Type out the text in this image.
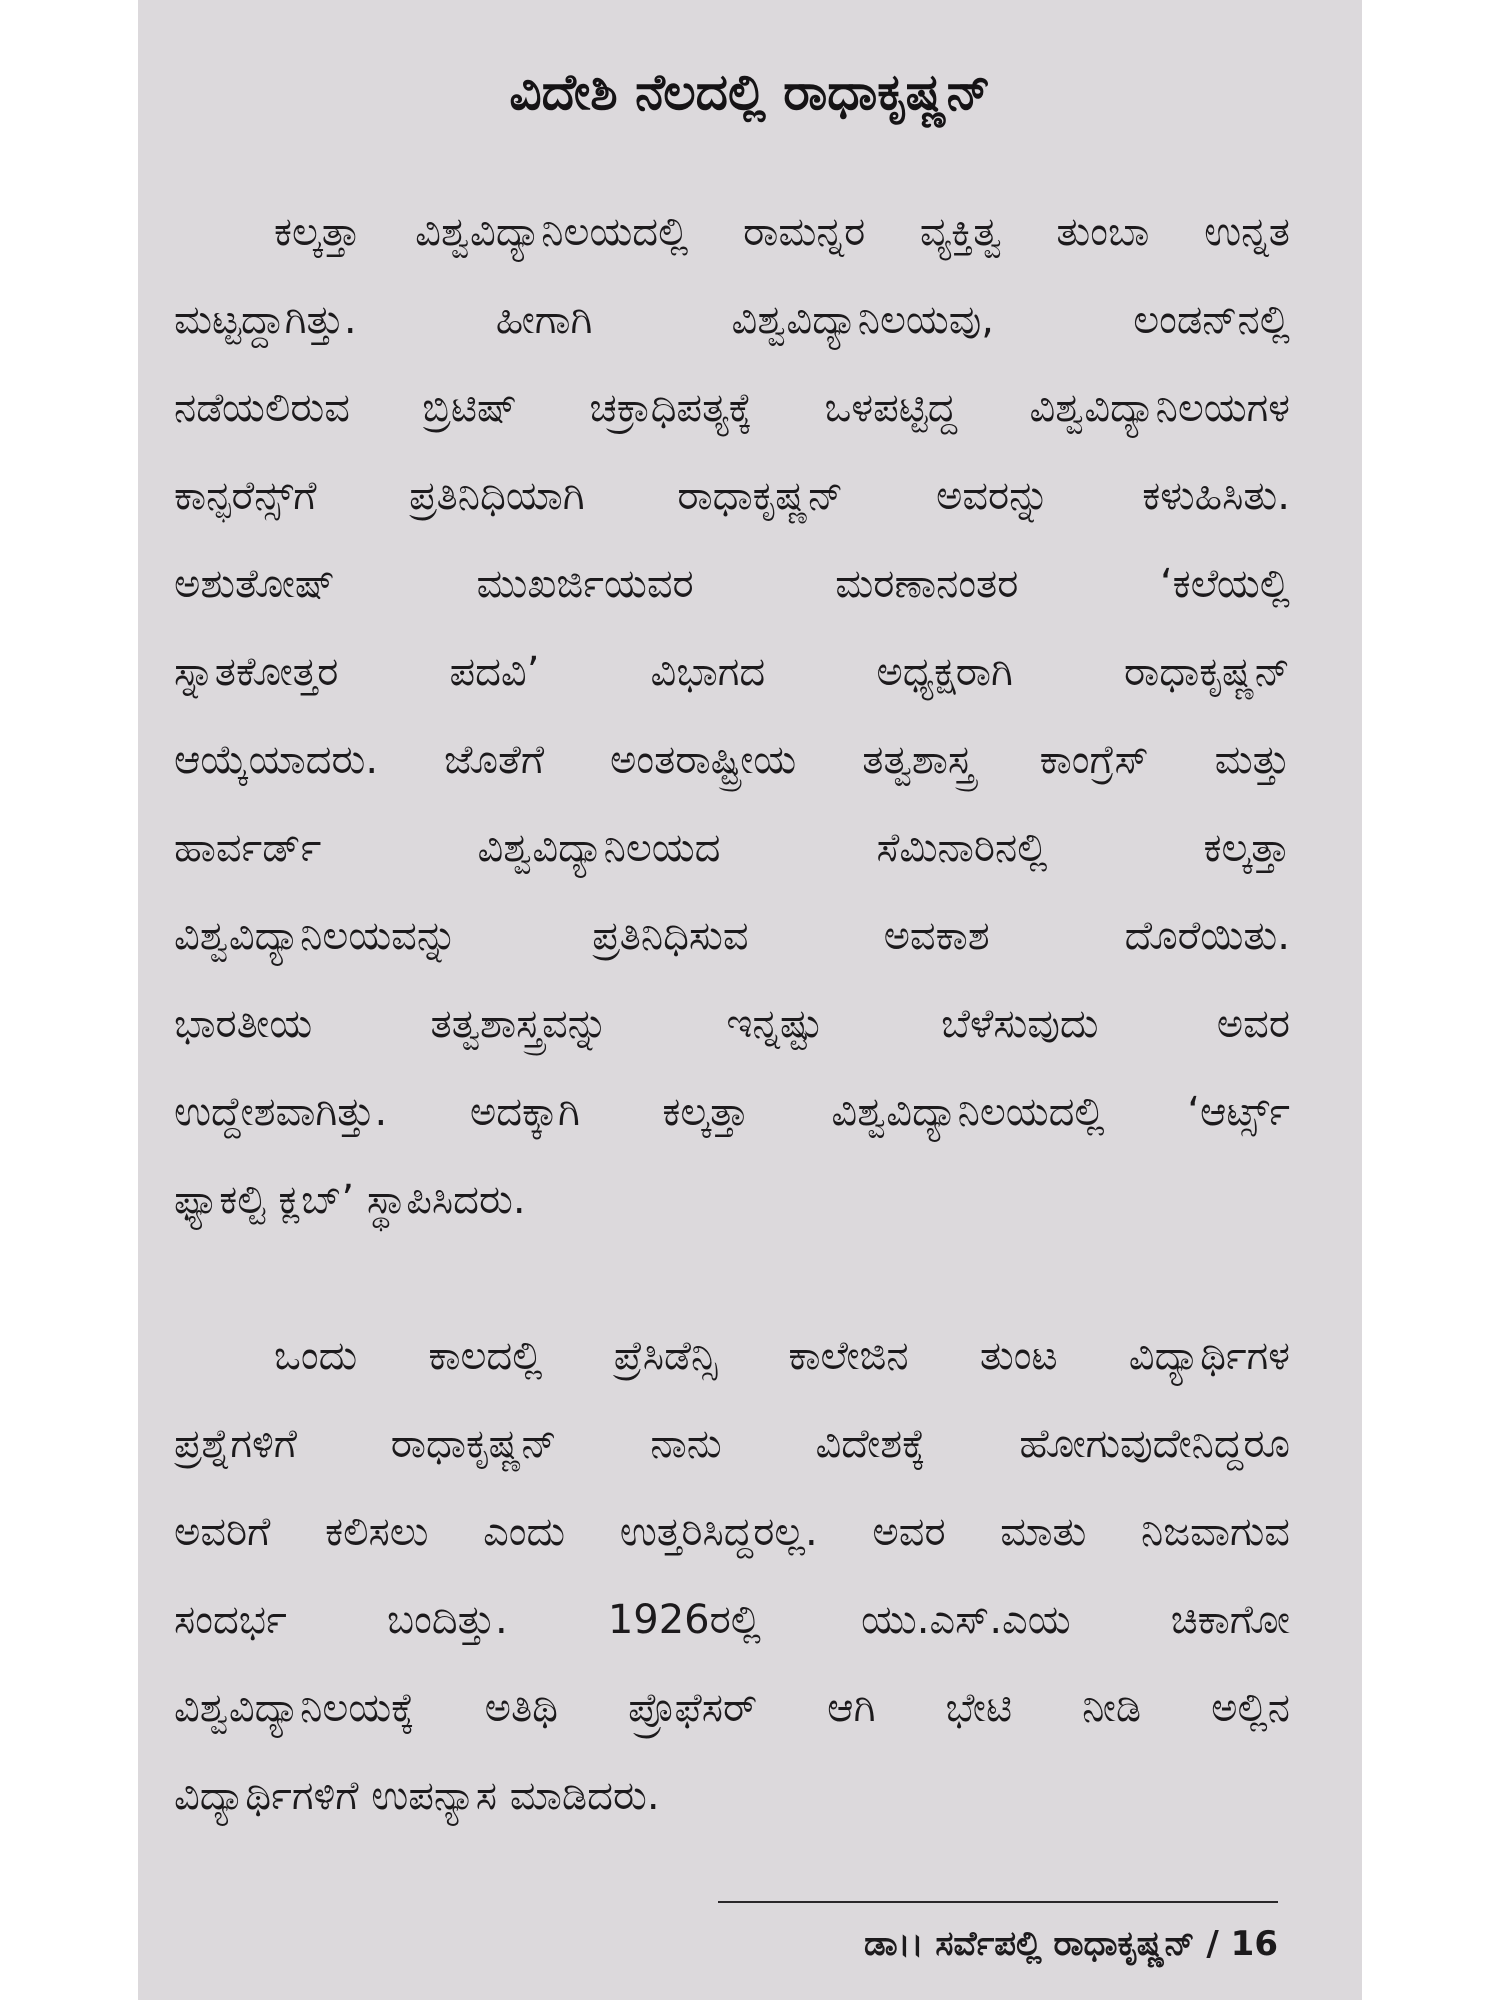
ವಿದೇಶಿ ನೆಲದಲ್ಲಿ ರಾಧಾಕೃಷ್ಣನ್
ಕಲ್ಕತ್ತಾ ವಿಶ್ವವಿದ್ಯಾನಿಲಯದಲ್ಲಿ ರಾಮನ್ನರ ವ್ಯಕ್ತಿತ್ವ ತುಂಬಾ ಉನ್ನತ
ಮಟ್ಟದ್ದಾಗಿತ್ತು. ಹೀಗಾಗಿ ವಿಶ್ವವಿದ್ಯಾನಿಲಯವು, ಲಂಡನ್‌ನಲ್ಲಿ
ನಡೆಯಲಿರುವ ಬ್ರಿಟಿಷ್ ಚಕ್ರಾಧಿಪತ್ಯಕ್ಕೆ ಒಳಪಟ್ಟಿದ್ದ ವಿಶ್ವವಿದ್ಯಾನಿಲಯಗಳ
ಕಾನ್ಫರೆನ್ಸ್‌ಗೆ ಪ್ರತಿನಿಧಿಯಾಗಿ ರಾಧಾಕೃಷ್ಣನ್ ಅವರನ್ನು ಕಳುಹಿಸಿತು.
ಅಶುತೋಷ್ ಮುಖರ್ಜಿಯವರ ಮರಣಾನಂತರ ‘ಕಲೆಯಲ್ಲಿ
ಸ್ನಾತಕೋತ್ತರ ಪದವಿ’ ವಿಭಾಗದ ಅಧ್ಯಕ್ಷರಾಗಿ ರಾಧಾಕೃಷ್ಣನ್
ಆಯ್ಕೆಯಾದರು. ಜೊತೆಗೆ ಅಂತರಾಷ್ಟ್ರೀಯ ತತ್ವಶಾಸ್ತ್ರ ಕಾಂಗ್ರೆಸ್ ಮತ್ತು
ಹಾರ್ವರ್ಡ್ ವಿಶ್ವವಿದ್ಯಾನಿಲಯದ ಸೆಮಿನಾರಿನಲ್ಲಿ ಕಲ್ಕತ್ತಾ
ವಿಶ್ವವಿದ್ಯಾನಿಲಯವನ್ನು ಪ್ರತಿನಿಧಿಸುವ ಅವಕಾಶ ದೊರೆಯಿತು.
ಭಾರತೀಯ ತತ್ವಶಾಸ್ತ್ರವನ್ನು ಇನ್ನಷ್ಟು ಬೆಳೆಸುವುದು ಅವರ
ಉದ್ದೇಶವಾಗಿತ್ತು. ಅದಕ್ಕಾಗಿ ಕಲ್ಕತ್ತಾ ವಿಶ್ವವಿದ್ಯಾನಿಲಯದಲ್ಲಿ ‘ಆರ್ಟ್ಸ್
ಫ್ಯಾಕಲ್ಟಿ ಕ್ಲಬ್’ ಸ್ಥಾಪಿಸಿದರು.
ಒಂದು ಕಾಲದಲ್ಲಿ ಪ್ರೆಸಿಡೆನ್ಸಿ ಕಾಲೇಜಿನ ತುಂಟ ವಿದ್ಯಾರ್ಥಿಗಳ
ಪ್ರಶ್ನೆಗಳಿಗೆ ರಾಧಾಕೃಷ್ಣನ್ ನಾನು ವಿದೇಶಕ್ಕೆ ಹೋಗುವುದೇನಿದ್ದರೂ
ಅವರಿಗೆ ಕಲಿಸಲು ಎಂದು ಉತ್ತರಿಸಿದ್ದರಲ್ಲ. ಅವರ ಮಾತು ನಿಜವಾಗುವ
ಸಂದರ್ಭ ಬಂದಿತ್ತು. 1926ರಲ್ಲಿ ಯು.ಎಸ್.ಎಯ ಚಿಕಾಗೋ
ವಿಶ್ವವಿದ್ಯಾನಿಲಯಕ್ಕೆ ಅತಿಥಿ ಪ್ರೊಫೆಸರ್ ಆಗಿ ಭೇಟಿ ನೀಡಿ ಅಲ್ಲಿನ
ವಿದ್ಯಾರ್ಥಿಗಳಿಗೆ ಉಪನ್ಯಾಸ ಮಾಡಿದರು.
ಡಾ।। ಸರ್ವೆಪಲ್ಲಿ ರಾಧಾಕೃಷ್ಣನ್ / 16
